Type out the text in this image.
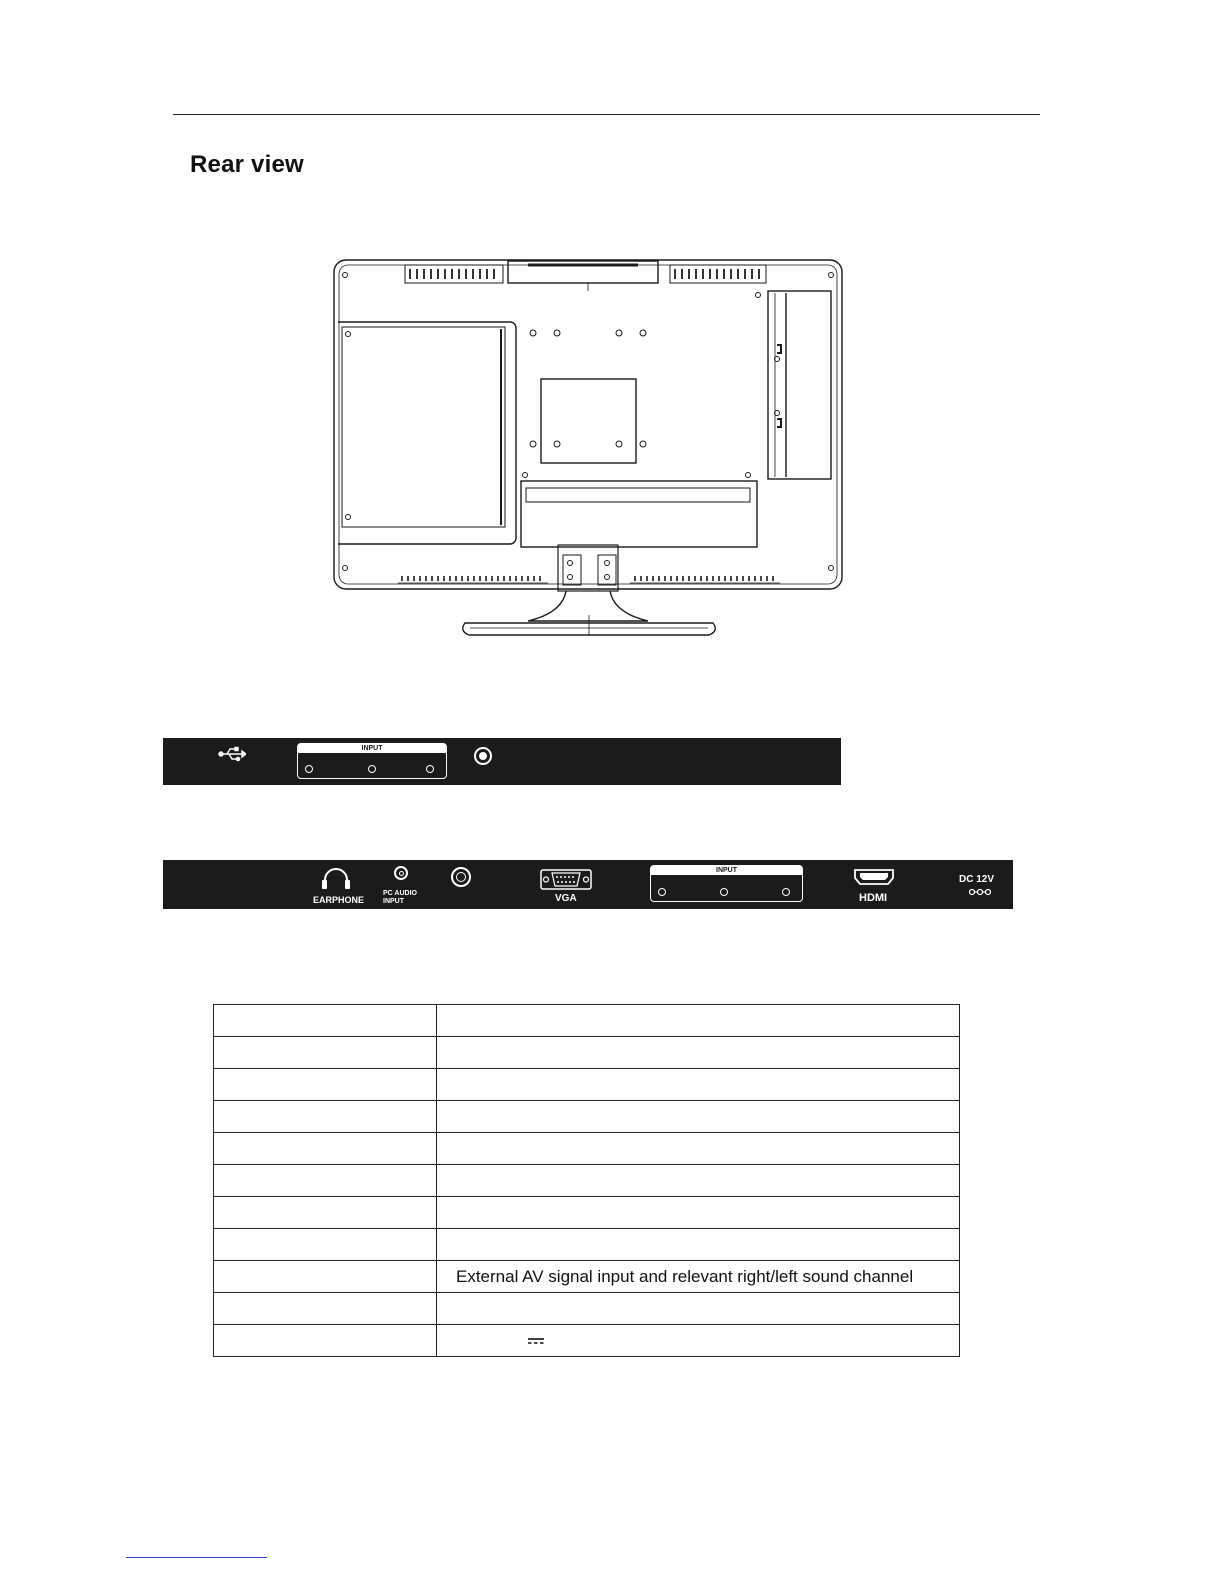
Rear view
INPUT
EARPHONE
PC AUDIO
INPUT	VGA
INPUT
HDMI
DC 12V

	External AV signal input and relevant right/left sound channel
